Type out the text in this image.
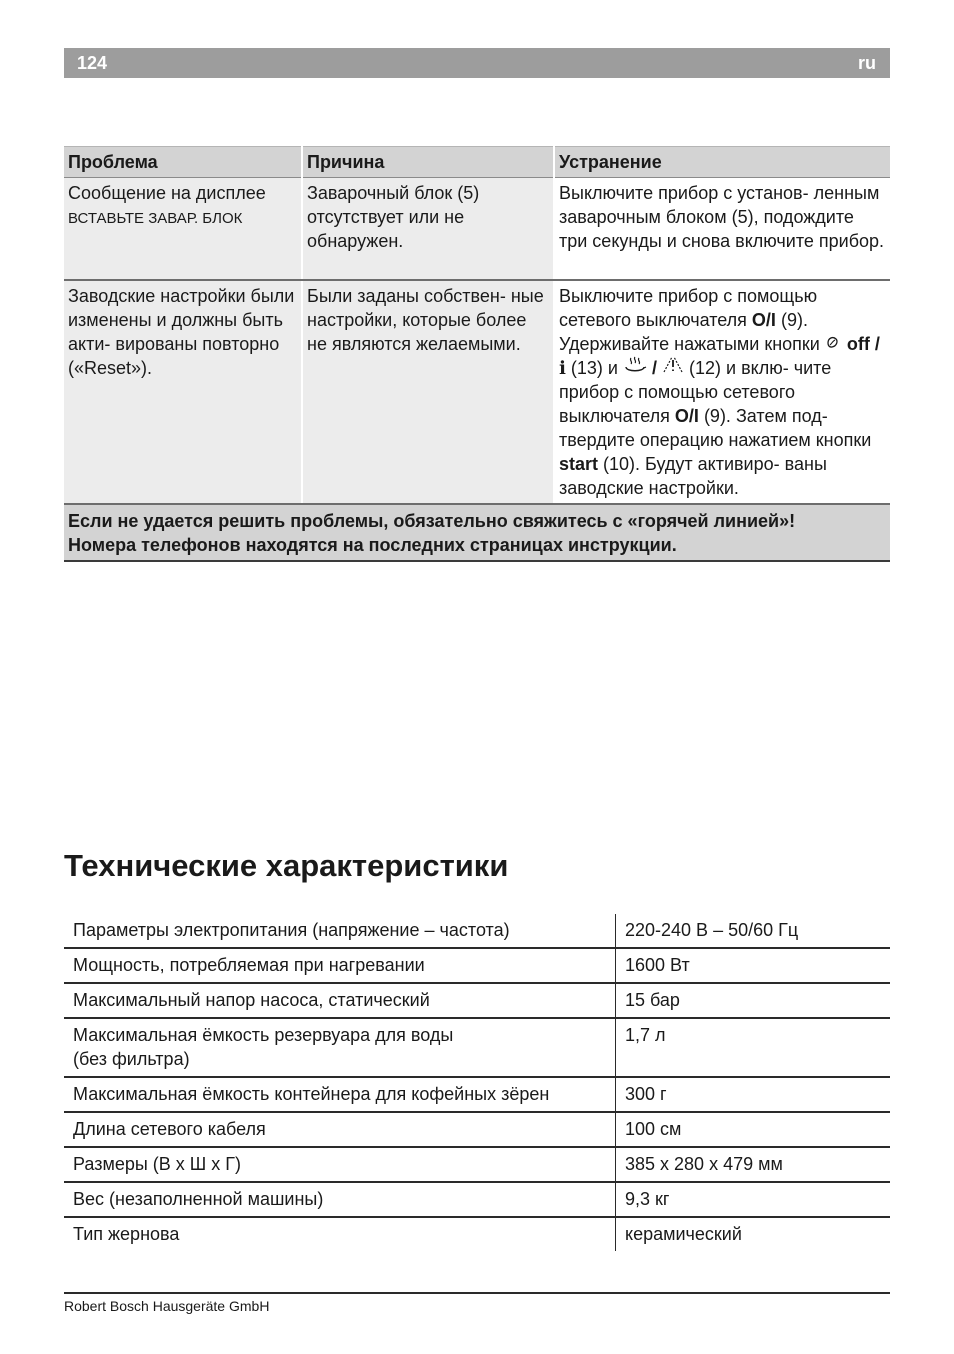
124	ru
Проблема	Причина	Устранение
Сообщение на дисплее
ВСТАВЬТЕ ЗАВАР. БЛОК	Заварочный блок (5) отсутствует или не обнаружен.	Выключите прибор с установ- ленным заварочным блоком (5), подождите три секунды и снова включите прибор.
Заводские настройки были изменены и должны быть акти- вированы повторно («Reset»).	Были заданы собствен- ные настройки, которые более не являются желаемыми.	Выключите прибор с помощью сетевого выключателя O/I (9). Удерживайте нажатыми кнопки off / ℹ (13) и / (12) и вклю- чите прибор с помощью сетевого выключателя O/I (9). Затем под- твердите операцию нажатием кнопки start (10). Будут активиро- ваны заводские настройки.
Если не удается решить проблемы, обязательно свяжитесь с «горячей линией»!
Номера телефонов находятся на последних страницах инструкции.		
Технические характеристики
Параметры электропитания (напряжение – частота)	220-240 В – 50/60 Гц
Мощность, потребляемая при нагревании	1600 Вт
Максимальный напор насоса, статический	15 бар
Максимальная ёмкость резервуара для воды
(без фильтра)	1,7 л
Максимальная ёмкость контейнера для кофейных зёрен	300 г
Длина сетевого кабеля	100 см
Размеры (В x Ш x Г)	385 x 280 x 479 мм
Вес (незаполненной машины)	9,3 кг
Тип жернова	керамический
Robert Bosch Hausgeräte GmbH
